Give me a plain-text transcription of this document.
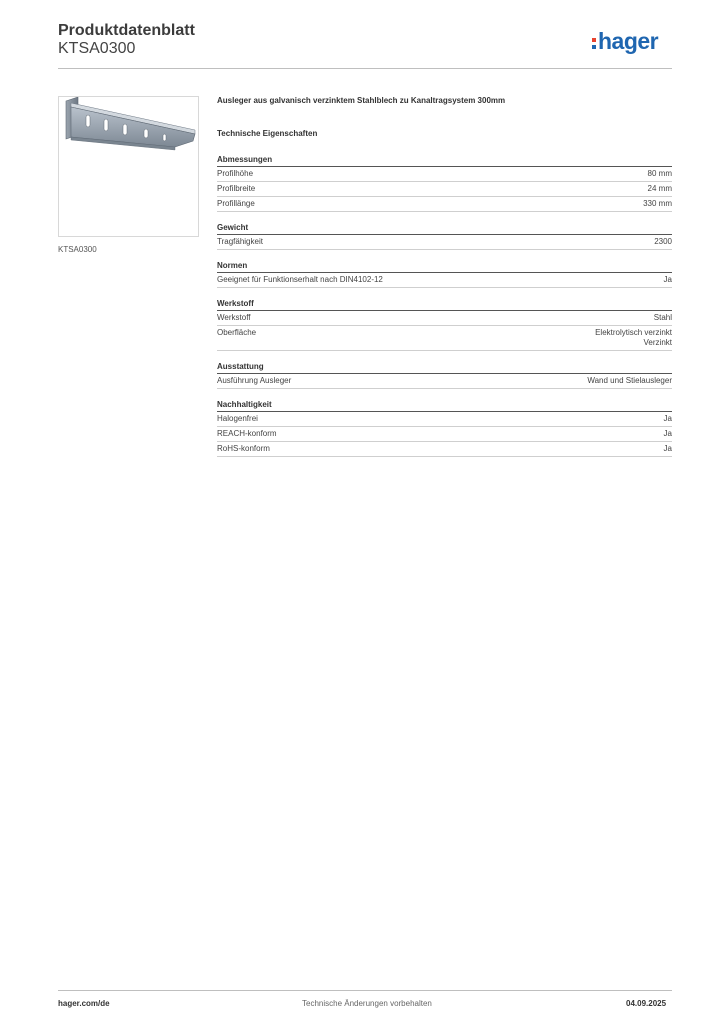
Produktdatenblatt
KTSA0300	hager
KTSA0300
Ausleger aus galvanisch verzinktem Stahlblech zu Kanaltragsystem 300mm
Technische Eigenschaften
Abmessungen
Profilhöhe	80 mm
Profilbreite	24 mm
Profillänge	330 mm
Gewicht
Tragfähigkeit	2300
Normen
Geeignet für Funktionserhalt nach DIN4102-12	Ja
Werkstoff
Werkstoff	Stahl
Oberfläche	Elektrolytisch verzinkt
Verzinkt
Ausstattung
Ausführung Ausleger	Wand und Stielausleger
Nachhaltigkeit
Halogenfrei	Ja
REACH-konform	Ja
RoHS-konform	Ja
hager.com/de	Technische Änderungen vorbehalten	04.09.2025
